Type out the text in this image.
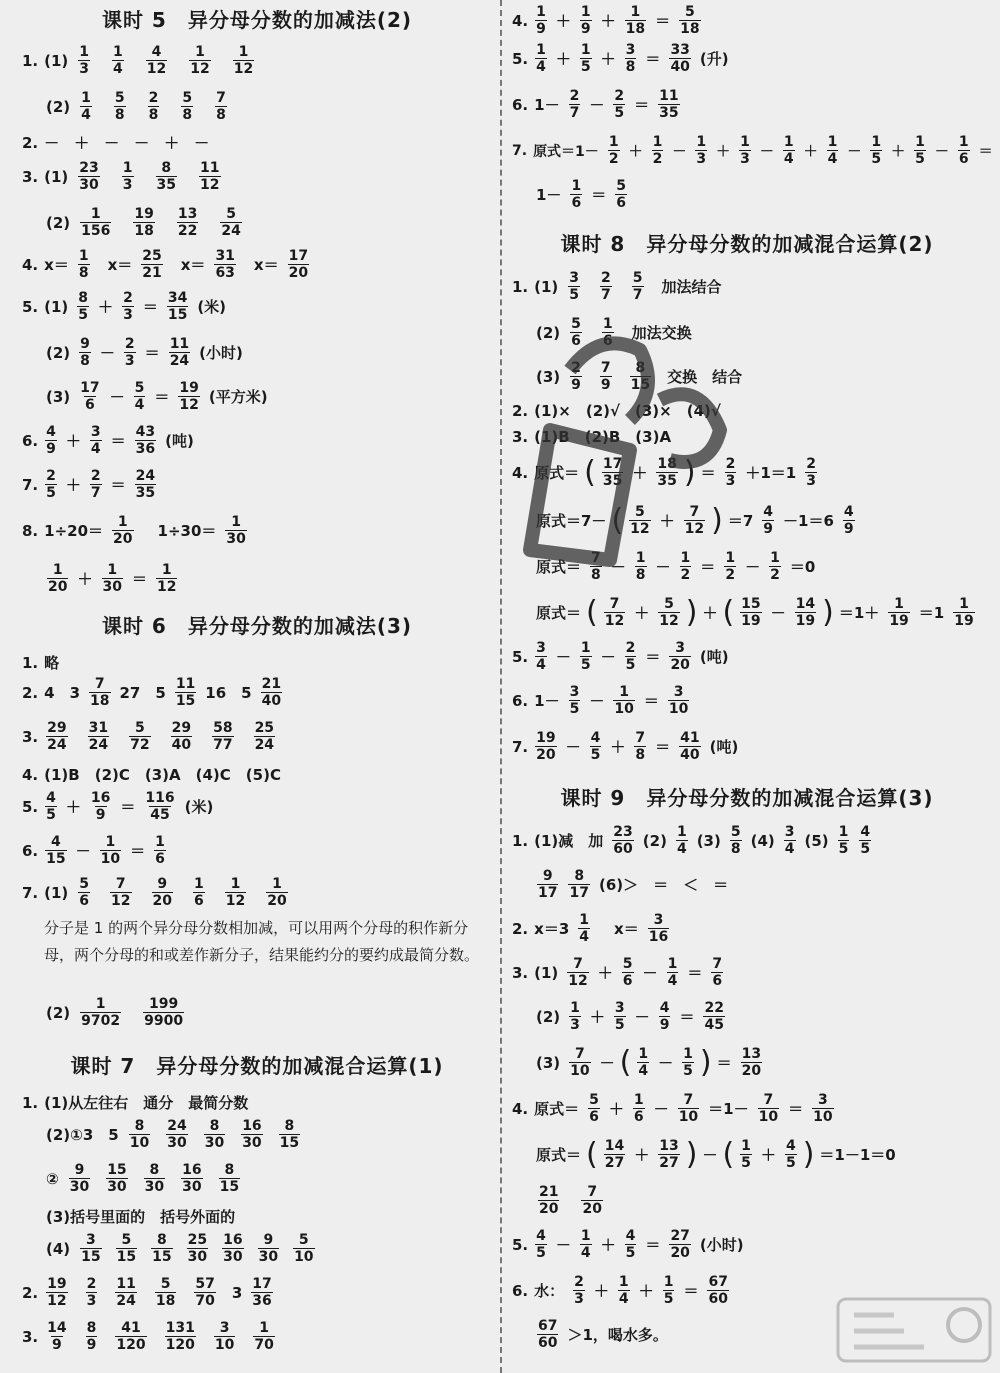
课时 5　异分母分数的加减法(2)
1. $(1) \frac{1}{3} \frac{1}{4} \frac{4}{12} \frac{1}{12} \frac{1}{12}$
$(2) \frac{1}{4} \frac{5}{8} \frac{2}{8} \frac{5}{8} \frac{7}{8}$
2. －　＋　－　－　＋　－
3. $(1) \frac{23}{30} \frac{1}{3} \frac{8}{35} \frac{11}{12}$
$(2) \frac{1}{156} \frac{19}{18} \frac{13}{22} \frac{5}{24}$
4. $x= \frac{1}{8} x= \frac{25}{21} x= \frac{31}{63} x= \frac{17}{20}$
5. $(1) \frac{8}{5} + \frac{2}{3} = \frac{34}{15}$ (米)
$(2) \frac{9}{8} - \frac{2}{3} = \frac{11}{24}$ (小时)
$(3) \frac{17}{6} - \frac{5}{4} = \frac{19}{12}$ (平方米)
6. $\frac{4}{9} + \frac{3}{4} = \frac{43}{36}$ (吨)
7. $\frac{2}{5} + \frac{2}{7} = \frac{24}{35}$
8. $1\div 20= \frac{1}{20}$ 　$1\div 30= \frac{1}{30}$
$\frac{1}{20} + \frac{1}{30} = \frac{1}{12}$
课时 6　异分母分数的加减法(3)
1. 略
2. 4　$3 \frac{7}{18} 27$　$5 \frac{11}{15} 16$　$5 \frac{21}{40}$
3. $\frac{29}{24} \frac{31}{24} \frac{5}{72} \frac{29}{40} \frac{58}{77} \frac{25}{24}$
4. (1)B　(2)C　(3)A　(4)C　(5)C
5. $\frac{4}{5} + \frac{16}{9} = \frac{116}{45}$ (米)
6. $\frac{4}{15} - \frac{1}{10} = \frac{1}{6}$
7. $(1) \frac{5}{6} \frac{7}{12} \frac{9}{20} \frac{1}{6} \frac{1}{12} \frac{1}{20}$
分子是 1 的两个异分母分数相加减，可以用两个分母的积作新分母，两个分母的和或差作新分子，结果能约分的要约成最简分数。
$(2) \frac{1}{9702} \frac{199}{9900}$
课时 7　异分母分数的加减混合运算(1)
1. (1)从左往右　通分　最简分数
(2)①3　$5 \frac{8}{10} \frac{24}{30} \frac{8}{30} \frac{16}{30} \frac{8}{15}$
② $\frac{9}{30} \frac{15}{30} \frac{8}{30} \frac{16}{30} \frac{8}{15}$
(3)括号里面的　括号外面的
$(4) \frac{3}{15} \frac{5}{15} \frac{8}{15} \frac{25}{30} \frac{16}{30} \frac{9}{30} \frac{5}{10}$
2. $\frac{19}{12} \frac{2}{3} \frac{11}{24} \frac{5}{18} \frac{57}{70} 3 \frac{17}{36}$
3. $\frac{14}{9} \frac{8}{9} \frac{41}{120} \frac{131}{120} \frac{3}{10} \frac{1}{70}$
4. $\frac{1}{9} + \frac{1}{9} + \frac{1}{18} = \frac{5}{18}$
5. $\frac{1}{4} + \frac{1}{5} + \frac{3}{8} = \frac{33}{40}$ (升)
6. $1- \frac{2}{7} - \frac{2}{5} = \frac{11}{35}$
7. 原式$=1- \frac{1}{2} + \frac{1}{2} - \frac{1}{3} + \frac{1}{3} - \frac{1}{4} + \frac{1}{4} - \frac{1}{5} + \frac{1}{5} - \frac{1}{6}$ ＝
$1- \frac{1}{6} = \frac{5}{6}$
课时 8　异分母分数的加减混合运算(2)
1. $(1) \frac{3}{5} \frac{2}{7} \frac{5}{7}$ 加法结合
$(2) \frac{5}{6} \frac{1}{6}$ 加法交换
$(3) \frac{2}{9} \frac{7}{9} \frac{8}{15}$ 交换　结合
2. (1)×　(2)√　(3)×　(4)√
3. (1)B　(2)B　(3)A
4. 原式＝ ( $\frac{17}{35} + \frac{18}{35}$ ) ＝ $\frac{2}{3} +1=1 \frac{2}{3}$
原式＝7－ ( $\frac{5}{12} + \frac{7}{12}$ ) $=7 \frac{4}{9} -1=6 \frac{4}{9}$
原式＝ $\frac{7}{8} - \frac{1}{8} - \frac{1}{2} = \frac{1}{2} - \frac{1}{2} =0$
原式＝ ( $\frac{7}{12} + \frac{5}{12}$ ) ＋ ( $\frac{15}{19} - \frac{14}{19}$ ) $=1+ \frac{1}{19} =1 \frac{1}{19}$
5. $\frac{3}{4} - \frac{1}{5} - \frac{2}{5} = \frac{3}{20}$ (吨)
6. $1- \frac{3}{5} - \frac{1}{10} = \frac{3}{10}$
7. $\frac{19}{20} - \frac{4}{5} + \frac{7}{8} = \frac{41}{40}$ (吨)
课时 9　异分母分数的加减混合运算(3)
1. (1)减　加 $\frac{23}{60} (2) \frac{1}{4} (3) \frac{5}{8} (4) \frac{3}{4} (5) \frac{1}{5} \frac{4}{5}$
$\frac{9}{17} \frac{8}{17} (6)>$　＝　＜　＝
2. $x=3 \frac{1}{4}$ 　$x= \frac{3}{16}$
3. $(1) \frac{7}{12} + \frac{5}{6} - \frac{1}{4} = \frac{7}{6}$
$(2) \frac{1}{3} + \frac{3}{5} - \frac{4}{9} = \frac{22}{45}$
$(3) \frac{7}{10}$ － ( $\frac{1}{4} - \frac{1}{5}$ ) ＝ $\frac{13}{20}$
4. 原式＝ $\frac{5}{6} + \frac{1}{6} - \frac{7}{10} =1- \frac{7}{10} = \frac{3}{10}$
原式＝ ( $\frac{14}{27} + \frac{13}{27}$ ) － ( $\frac{1}{5} + \frac{4}{5}$ ) ＝1－1＝0
$\frac{21}{20} \frac{7}{20}$
5. $\frac{4}{5} - \frac{1}{4} + \frac{4}{5} = \frac{27}{20}$ (小时)
6. 水： $\frac{2}{3} + \frac{1}{4} + \frac{1}{5} = \frac{67}{60}$
$\frac{67}{60} >1$，喝水多。
